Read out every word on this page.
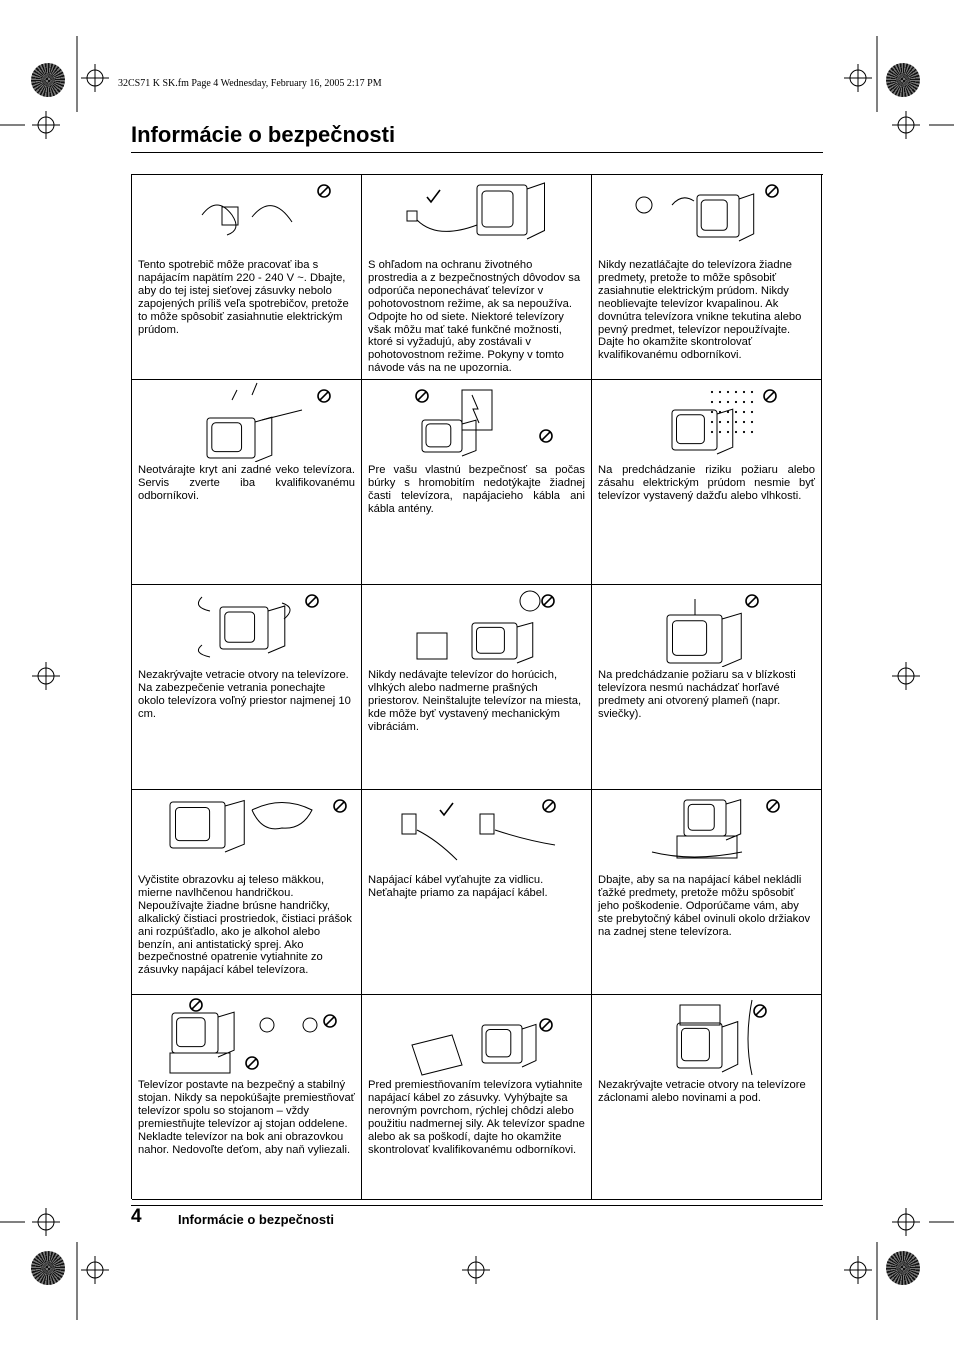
32CS71 K SK.fm Page 4 Wednesday, February 16, 2005 2:17 PM
Informácie o bezpečnosti
Tento spotrebič môže pracovať iba s napájacím napätím 220 - 240 V ~. Dbajte, aby do tej istej sieťovej zásuvky nebolo zapojených príliš veľa spotrebičov, pretože to môže spôsobiť zasiahnutie elektrickým prúdom.
S ohľadom na ochranu životného prostredia a z bezpečnostných dôvodov sa odporúča neponechávať televízor v pohotovostnom režime, ak sa nepoužíva. Odpojte ho od siete. Niektoré televízory však môžu mať také funkčné možnosti, ktoré si vyžadujú, aby zostávali v pohotovostnom režime. Pokyny v tomto návode vás na ne upozornia.
Nikdy nezatláčajte do televízora žiadne predmety, pretože to môže spôsobiť zasiahnutie elektrickým prúdom. Nikdy neoblievajte televízor kvapalinou. Ak dovnútra televízora vnikne tekutina alebo pevný predmet, televízor nepoužívajte. Dajte ho okamžite skontrolovať kvalifikovanému odborníkovi.
Neotvárajte kryt ani zadné veko televízora. Servis zverte iba kvalifikovanému odborníkovi.
Pre vašu vlastnú bezpečnosť sa počas búrky s hromobitím nedotýkajte žiadnej časti televízora, napájacieho kábla ani kábla antény.
Na predchádzanie riziku požiaru alebo zásahu elektrickým prúdom nesmie byť televízor vystavený dažďu alebo vlhkosti.
Nezakrývajte vetracie otvory na televízore. Na zabezpečenie vetrania ponechajte okolo televízora voľný priestor najmenej 10 cm.
Nikdy nedávajte televízor do horúcich, vlhkých alebo nadmerne prašných priestorov. Neinštalujte televízor na miesta, kde môže byť vystavený mechanickým vibráciám.
Na predchádzanie požiaru sa v blízkosti televízora nesmú nachádzať horľavé predmety ani otvorený plameň (napr. sviečky).
Vyčistite obrazovku aj teleso mäkkou, mierne navlhčenou handričkou. Nepoužívajte žiadne brúsne handričky, alkalický čistiaci prostriedok, čistiaci prášok ani rozpúšťadlo, ako je alkohol alebo benzín, ani antistatický sprej. Ako bezpečnostné opatrenie vytiahnite zo zásuvky napájací kábel televízora.
Napájací kábel vyťahujte za vidlicu. Neťahajte priamo za napájací kábel.
Dbajte, aby sa na napájací kábel nekládli ťažké predmety, pretože môžu spôsobiť jeho poškodenie. Odporúčame vám, aby ste prebytočný kábel ovinuli okolo držiakov na zadnej stene televízora.
Televízor postavte na bezpečný a stabilný stojan. Nikdy sa nepokúšajte premiestňovať televízor spolu so stojanom – vždy premiestňujte televízor aj stojan oddelene. Nekladte televízor na bok ani obrazovkou nahor. Nedovoľte deťom, aby naň vyliezali.
Pred premiestňovaním televízora vytiahnite napájací kábel zo zásuvky. Vyhýbajte sa nerovným povrchom, rýchlej chôdzi alebo použitiu nadmernej sily. Ak televízor spadne alebo ak sa poškodí, dajte ho okamžite skontrolovať kvalifikovanému odborníkovi.
Nezakrývajte vetracie otvory na televízore záclonami alebo novinami a pod.
4	Informácie o bezpečnosti
